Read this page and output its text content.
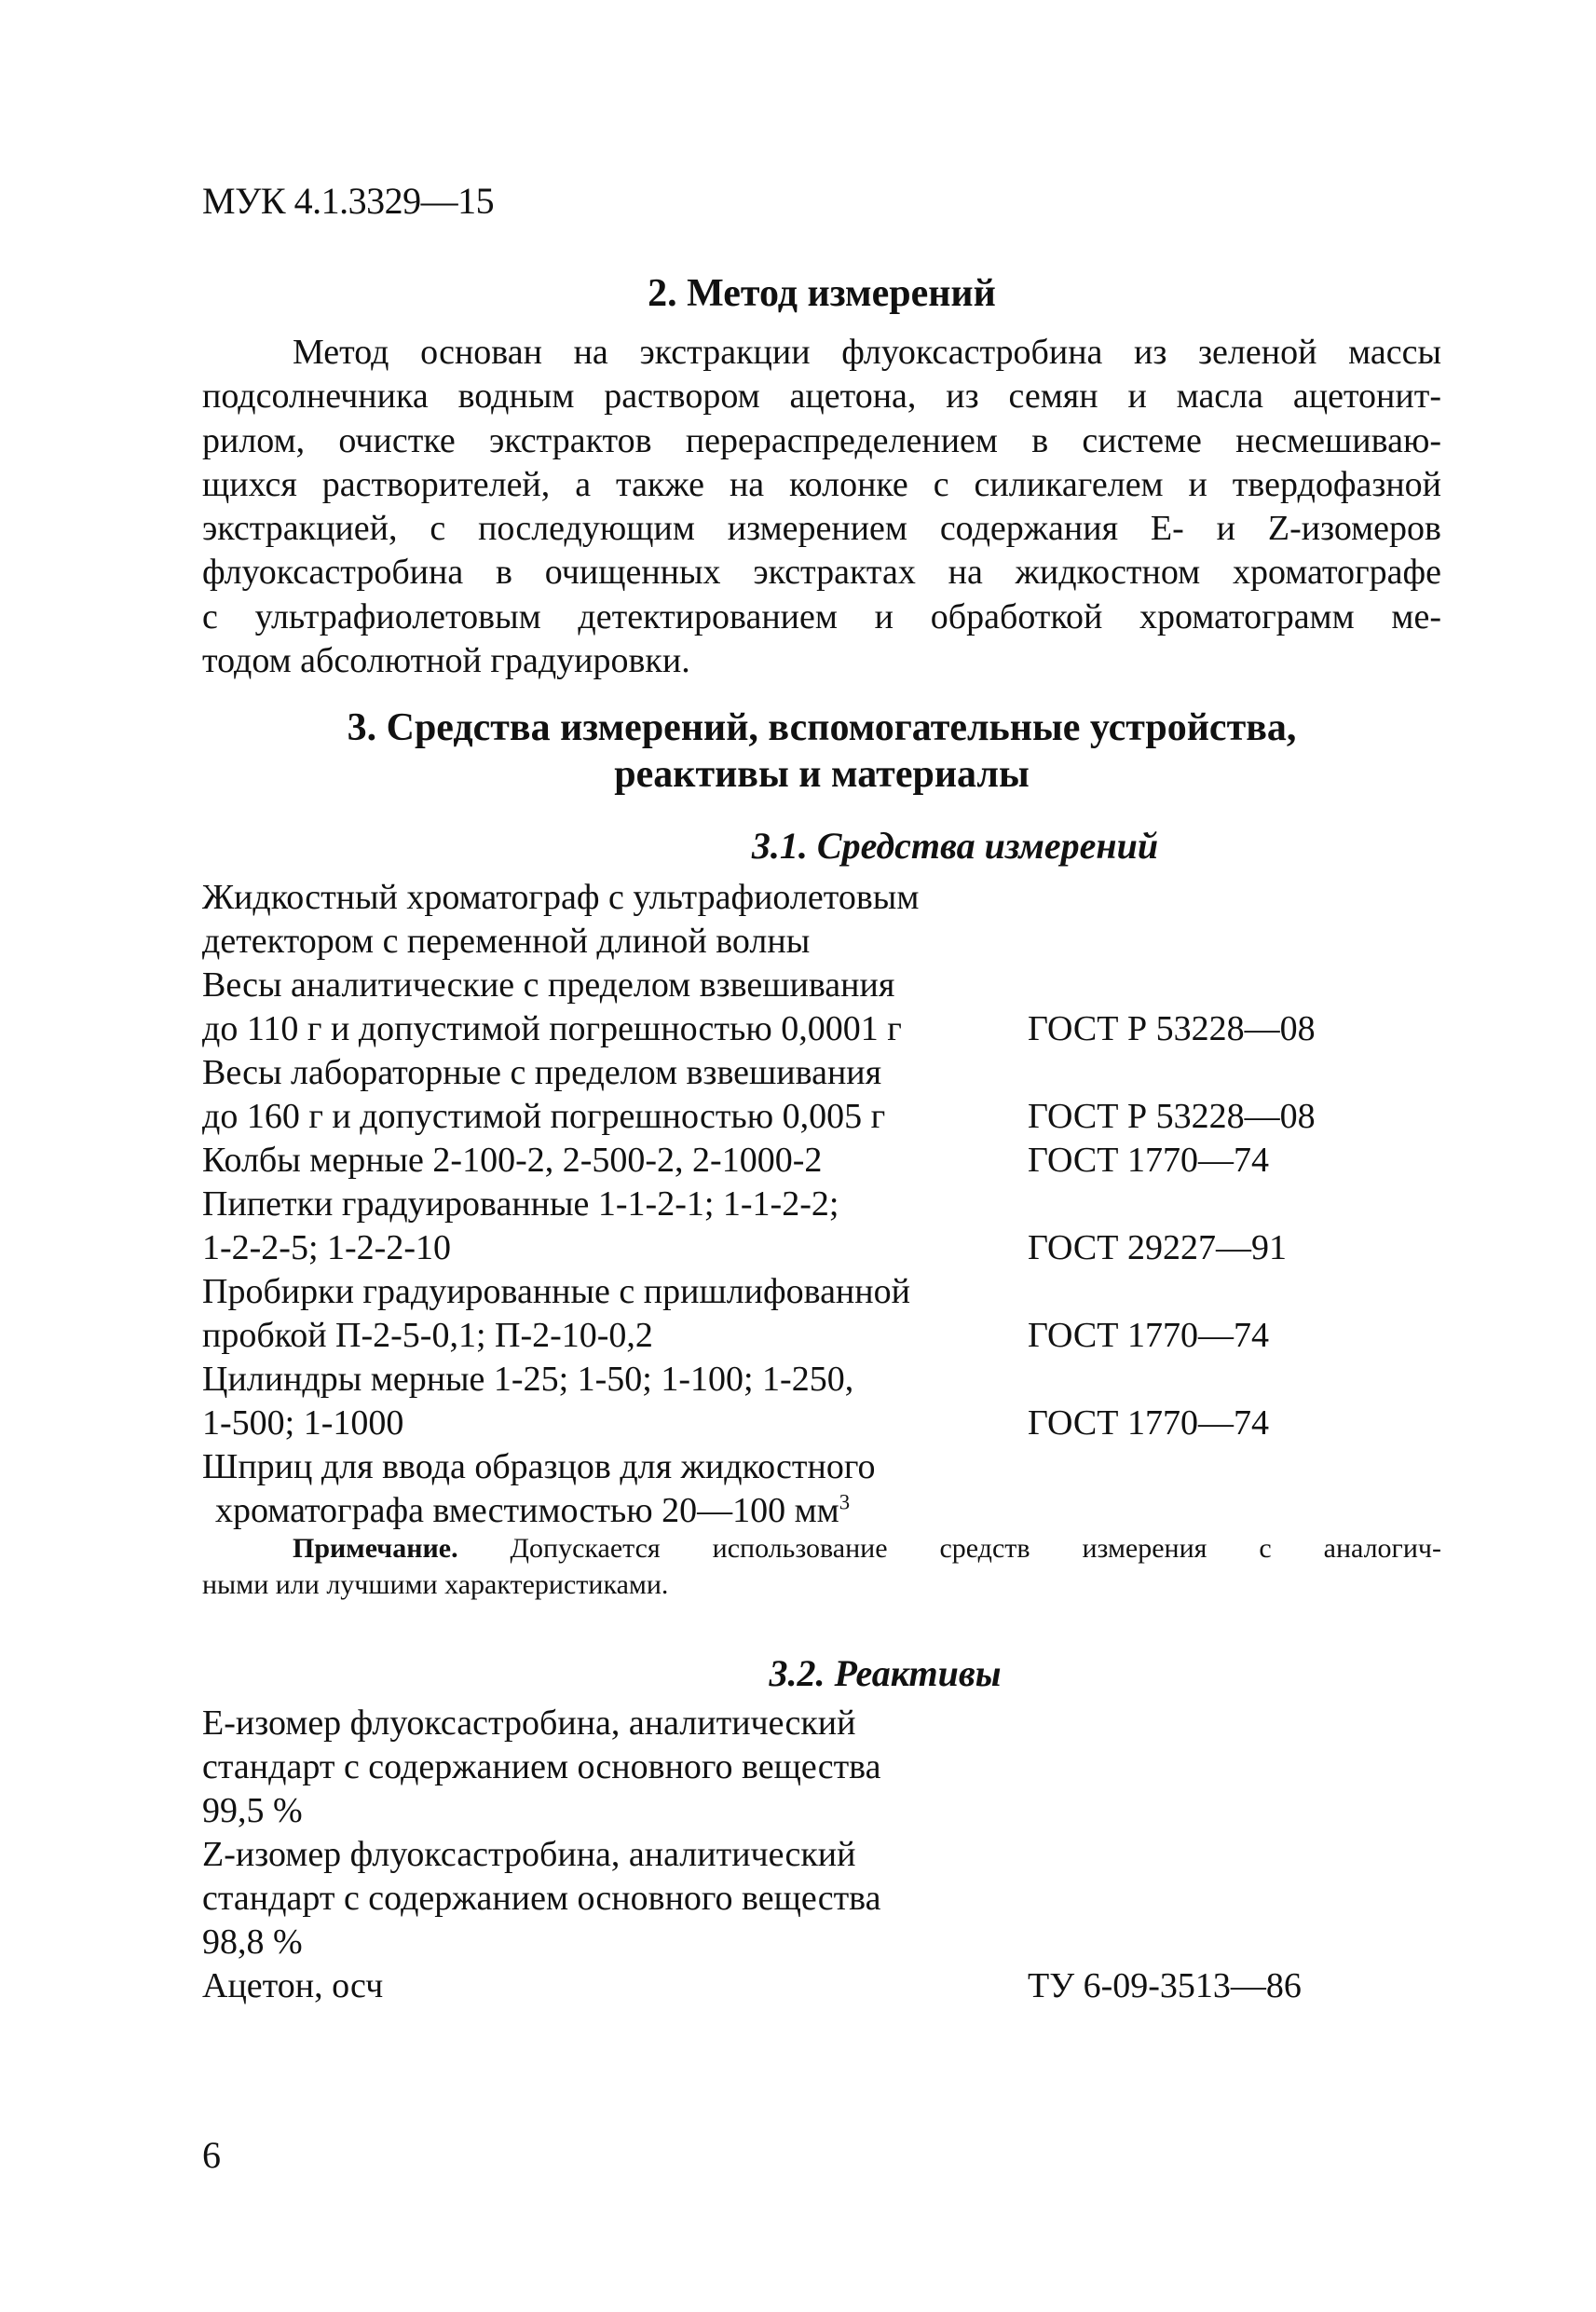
МУК 4.1.3329—15
2. Метод измерений
Метод основан на экстракции флуоксастробина из зеленой массы
подсолнечника водным раствором ацетона, из семян и масла ацетонит-
рилом, очистке экстрактов перераспределением в системе несмешиваю-
щихся растворителей, а также на колонке с силикагелем и твердофазной
экстракцией, с последующим измерением содержания E- и Z-изомеров
флуоксастробина в очищенных экстрактах на жидкостном хроматографе
с ультрафиолетовым детектированием и обработкой хроматограмм ме-
тодом абсолютной градуировки.
3. Средства измерений, вспомогательные устройства,
реактивы и материалы
3.1. Средства измерений
Жидкостный хроматограф с ультрафиолетовым
детектором с переменной длиной волны
Весы аналитические с пределом взвешивания
до 110 г и допустимой погрешностью 0,0001 г	ГОСТ Р 53228—08
Весы лабораторные с пределом взвешивания
до 160 г и допустимой погрешностью 0,005 г	ГОСТ Р 53228—08
Колбы мерные 2-100-2, 2-500-2, 2-1000-2	ГОСТ 1770—74
Пипетки градуированные 1-1-2-1; 1-1-2-2;
1-2-2-5; 1-2-2-10	ГОСТ 29227—91
Пробирки градуированные с пришлифованной
пробкой П-2-5-0,1; П-2-10-0,2	ГОСТ 1770—74
Цилиндры мерные 1-25; 1-50; 1-100; 1-250,
1-500; 1-1000	ГОСТ 1770—74
Шприц для ввода образцов для жидкостного
хроматографа вместимостью 20—100 $мм^3$
Примечание. Допускается использование средств измерения с аналогич-
ными или лучшими характеристиками.
3.2. Реактивы
E-изомер флуоксастробина, аналитический
стандарт с содержанием основного вещества
99,5 %
Z-изомер флуоксастробина, аналитический
стандарт с содержанием основного вещества
98,8 %
Ацетон, осч	ТУ 6-09-3513—86
6
